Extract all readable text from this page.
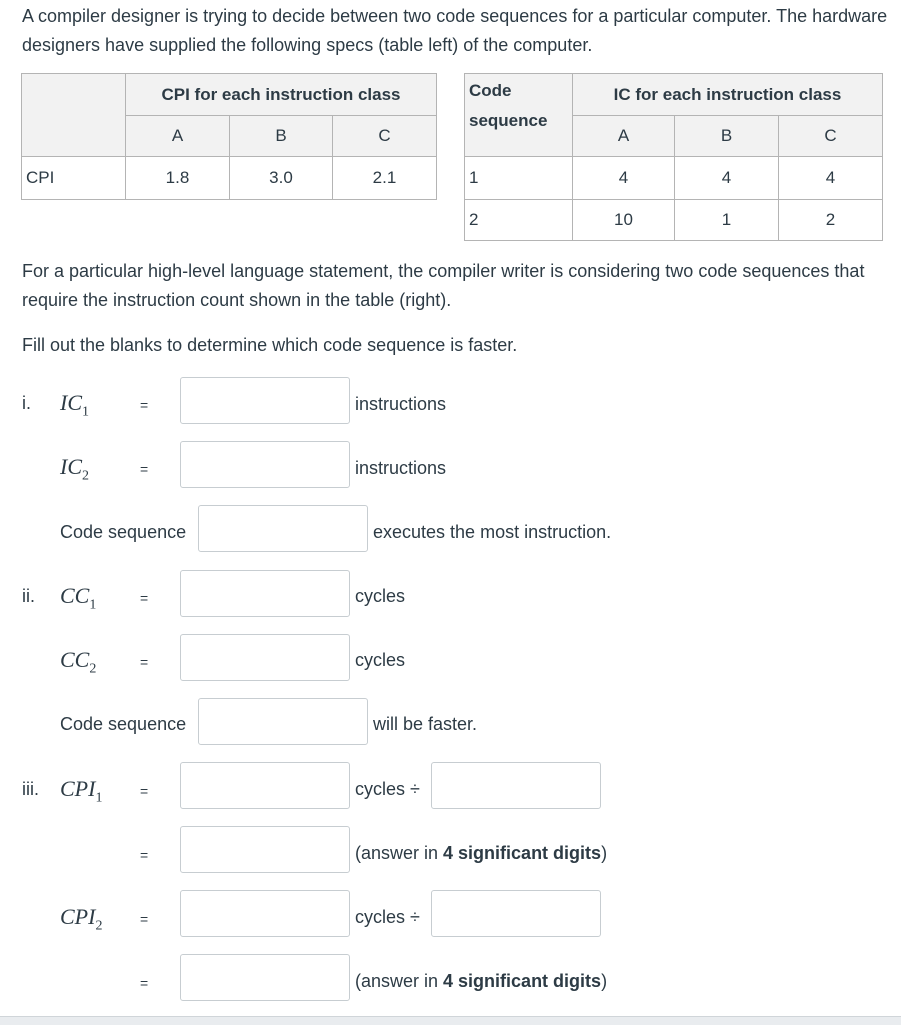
A compiler designer is trying to decide between two code sequences for a particular computer. The hardware designers have supplied the following specs (table left) of the computer.

	CPI for each instruction class		
	A	B	C
CPI	1.8	3.0	2.1
Code
sequence	IC for each instruction class		
	A	B	C
1	4	4	4
2	10	1	2

For a particular high-level language statement, the compiler writer is considering two code sequences that require the instruction count shown in the table (right).

Fill out the blanks to determine which code sequence is faster.

i. $IC_1$	=	instructions
$IC_2$	=	instructions
Code sequence	executes the most instruction.
ii. $CC_1$	=	cycles
$CC_2$	=	cycles
Code sequence	will be faster.
iii. $CPI_1$	=	cycles ÷
=	(answer in 4 significant digits)
$CPI_2$	=	cycles ÷
=	(answer in 4 significant digits)
